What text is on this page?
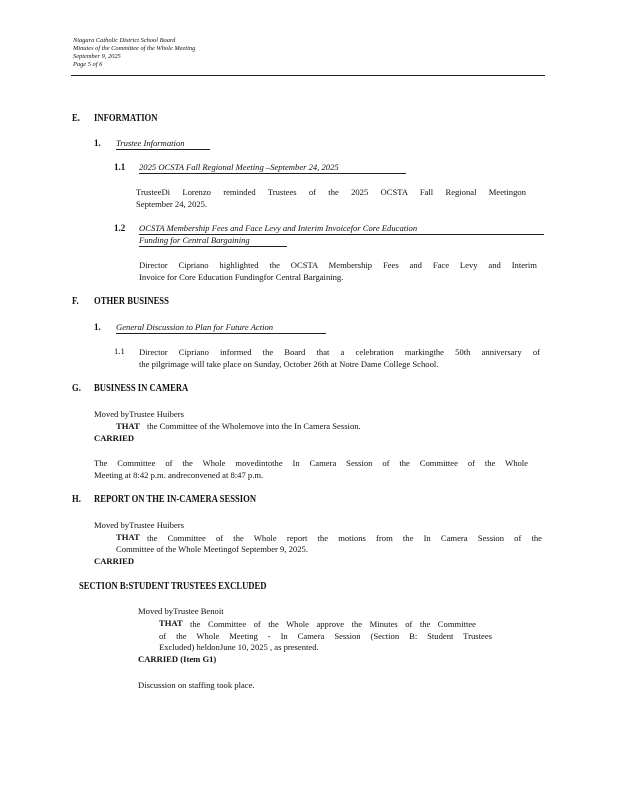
Niagara Catholic District School Board
Minutes of the Committee of the Whole Meeting
September 9, 2025
Page 5 of 6
E. INFORMATION
1. Trustee Information
1.1 2025 OCSTA Fall Regional Meeting –September 24, 2025
TrusteeDi Lorenzo reminded Trustees of the 2025 OCSTA Fall Regional Meetingon
September 24, 2025.
1.2 OCSTA Membership Fees and Face Levy and Interim Invoicefor Core Education
Funding for Central Bargaining
Director Cipriano highlighted the OCSTA Membership Fees and Face Levy and Interim
Invoice for Core Education Fundingfor Central Bargaining.
F. OTHER BUSINESS
1. General Discussion to Plan for Future Action
1.1 Director Cipriano informed the Board that a celebration markingthe 50th anniversary of
the pilgrimage will take place on Sunday, October 26th at Notre Dame College School.
G. BUSINESS IN CAMERA
Moved byTrustee Huibers
THAT the Committee of the Wholemove into the In Camera Session.
CARRIED
The Committee of the Whole movedintothe In Camera Session of the Committee of the Whole
Meeting at 8:42 p.m. andreconvened at 8:47 p.m.
H. REPORT ON THE IN-CAMERA SESSION
Moved byTrustee Huibers
THAT the Committee of the Whole report the motions from the In Camera Session of the
Committee of the Whole Meetingof September 9, 2025.
CARRIED
SECTION B:STUDENT TRUSTEES EXCLUDED
Moved byTrustee Benoit
THAT the Committee of the Whole approve the Minutes of the Committee
of the Whole Meeting - In Camera Session (Section B: Student Trustees
Excluded) heldonJune 10, 2025 , as presented.
CARRIED (Item G1)
Discussion on staffing took place.
